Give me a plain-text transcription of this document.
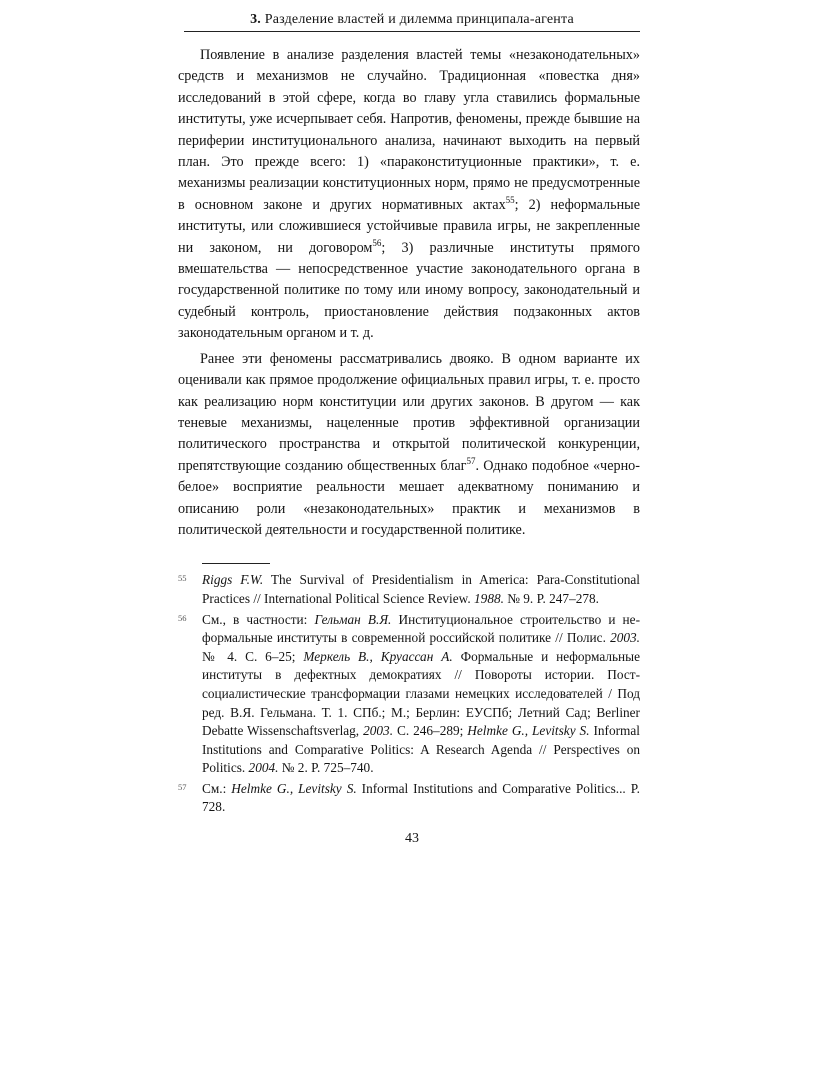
3. Разделение властей и дилемма принципала-агента

Появление в анализе разделения властей темы «незаконодательных» средств и механизмов не случайно. Традиционная «повестка дня» исследований в этой сфере, когда во главу угла ставились формальные институты, уже исчерпывает себя. Напротив, феномены, прежде бывшие на периферии институционального анализа, начинают выходить на первый план. Это прежде всего: 1) «параконституционные практики», т. е. механизмы реализации конституционных норм, прямо не предусмотренные в основном законе и других нормативных актах$^{55}$; 2) неформальные институты, или сложившиеся устойчивые правила игры, не закрепленные ни законом, ни договором$^{56}$; 3) различные институты прямого вмешательства — непосредственное участие законодательного органа в государственной политике по тому или иному вопросу, законодательный и судебный контроль, приостановление действия подзаконных актов законодательным органом и т. д.

Ранее эти феномены рассматривались двояко. В одном варианте их оценивали как прямое продолжение официальных правил игры, т. е. просто как реализацию норм конституции или других законов. В другом — как теневые механизмы, нацеленные против эффективной организации политического пространства и открытой политической конкуренции, препятствующие созданию общественных благ$^{57}$. Однако подобное «черно-белое» восприятие реальности мешает адекватному пониманию и описанию роли «незаконодательных» практик и механизмов в политической деятельности и государственной политике.

55 Riggs F.W. The Survival of Presidentialism in America: Para-Constitutional Practices // International Political Science Review. 1988. № 9. P. 247–278.
56 См., в частности: Гельман В.Я. Институциональное строительство и неформальные институты в современной российской политике // Полис. 2003. № 4. С. 6–25; Меркель В., Круассан А. Формальные и неформальные институты в дефектных демократиях // Повороты истории. Постсоциалистические трансформации глазами немецких исследователей / Под ред. В.Я. Гельмана. Т. 1. СПб.; М.; Берлин: ЕУСПб; Летний Сад; Berliner Debatte Wissenschaftsverlag, 2003. С. 246–289; Helmke G., Levitsky S. Informal Institutions and Comparative Politics: A Research Agenda // Perspectives on Politics. 2004. № 2. P. 725–740.
57 См.: Helmke G., Levitsky S. Informal Institutions and Comparative Politics... P. 728.
43
